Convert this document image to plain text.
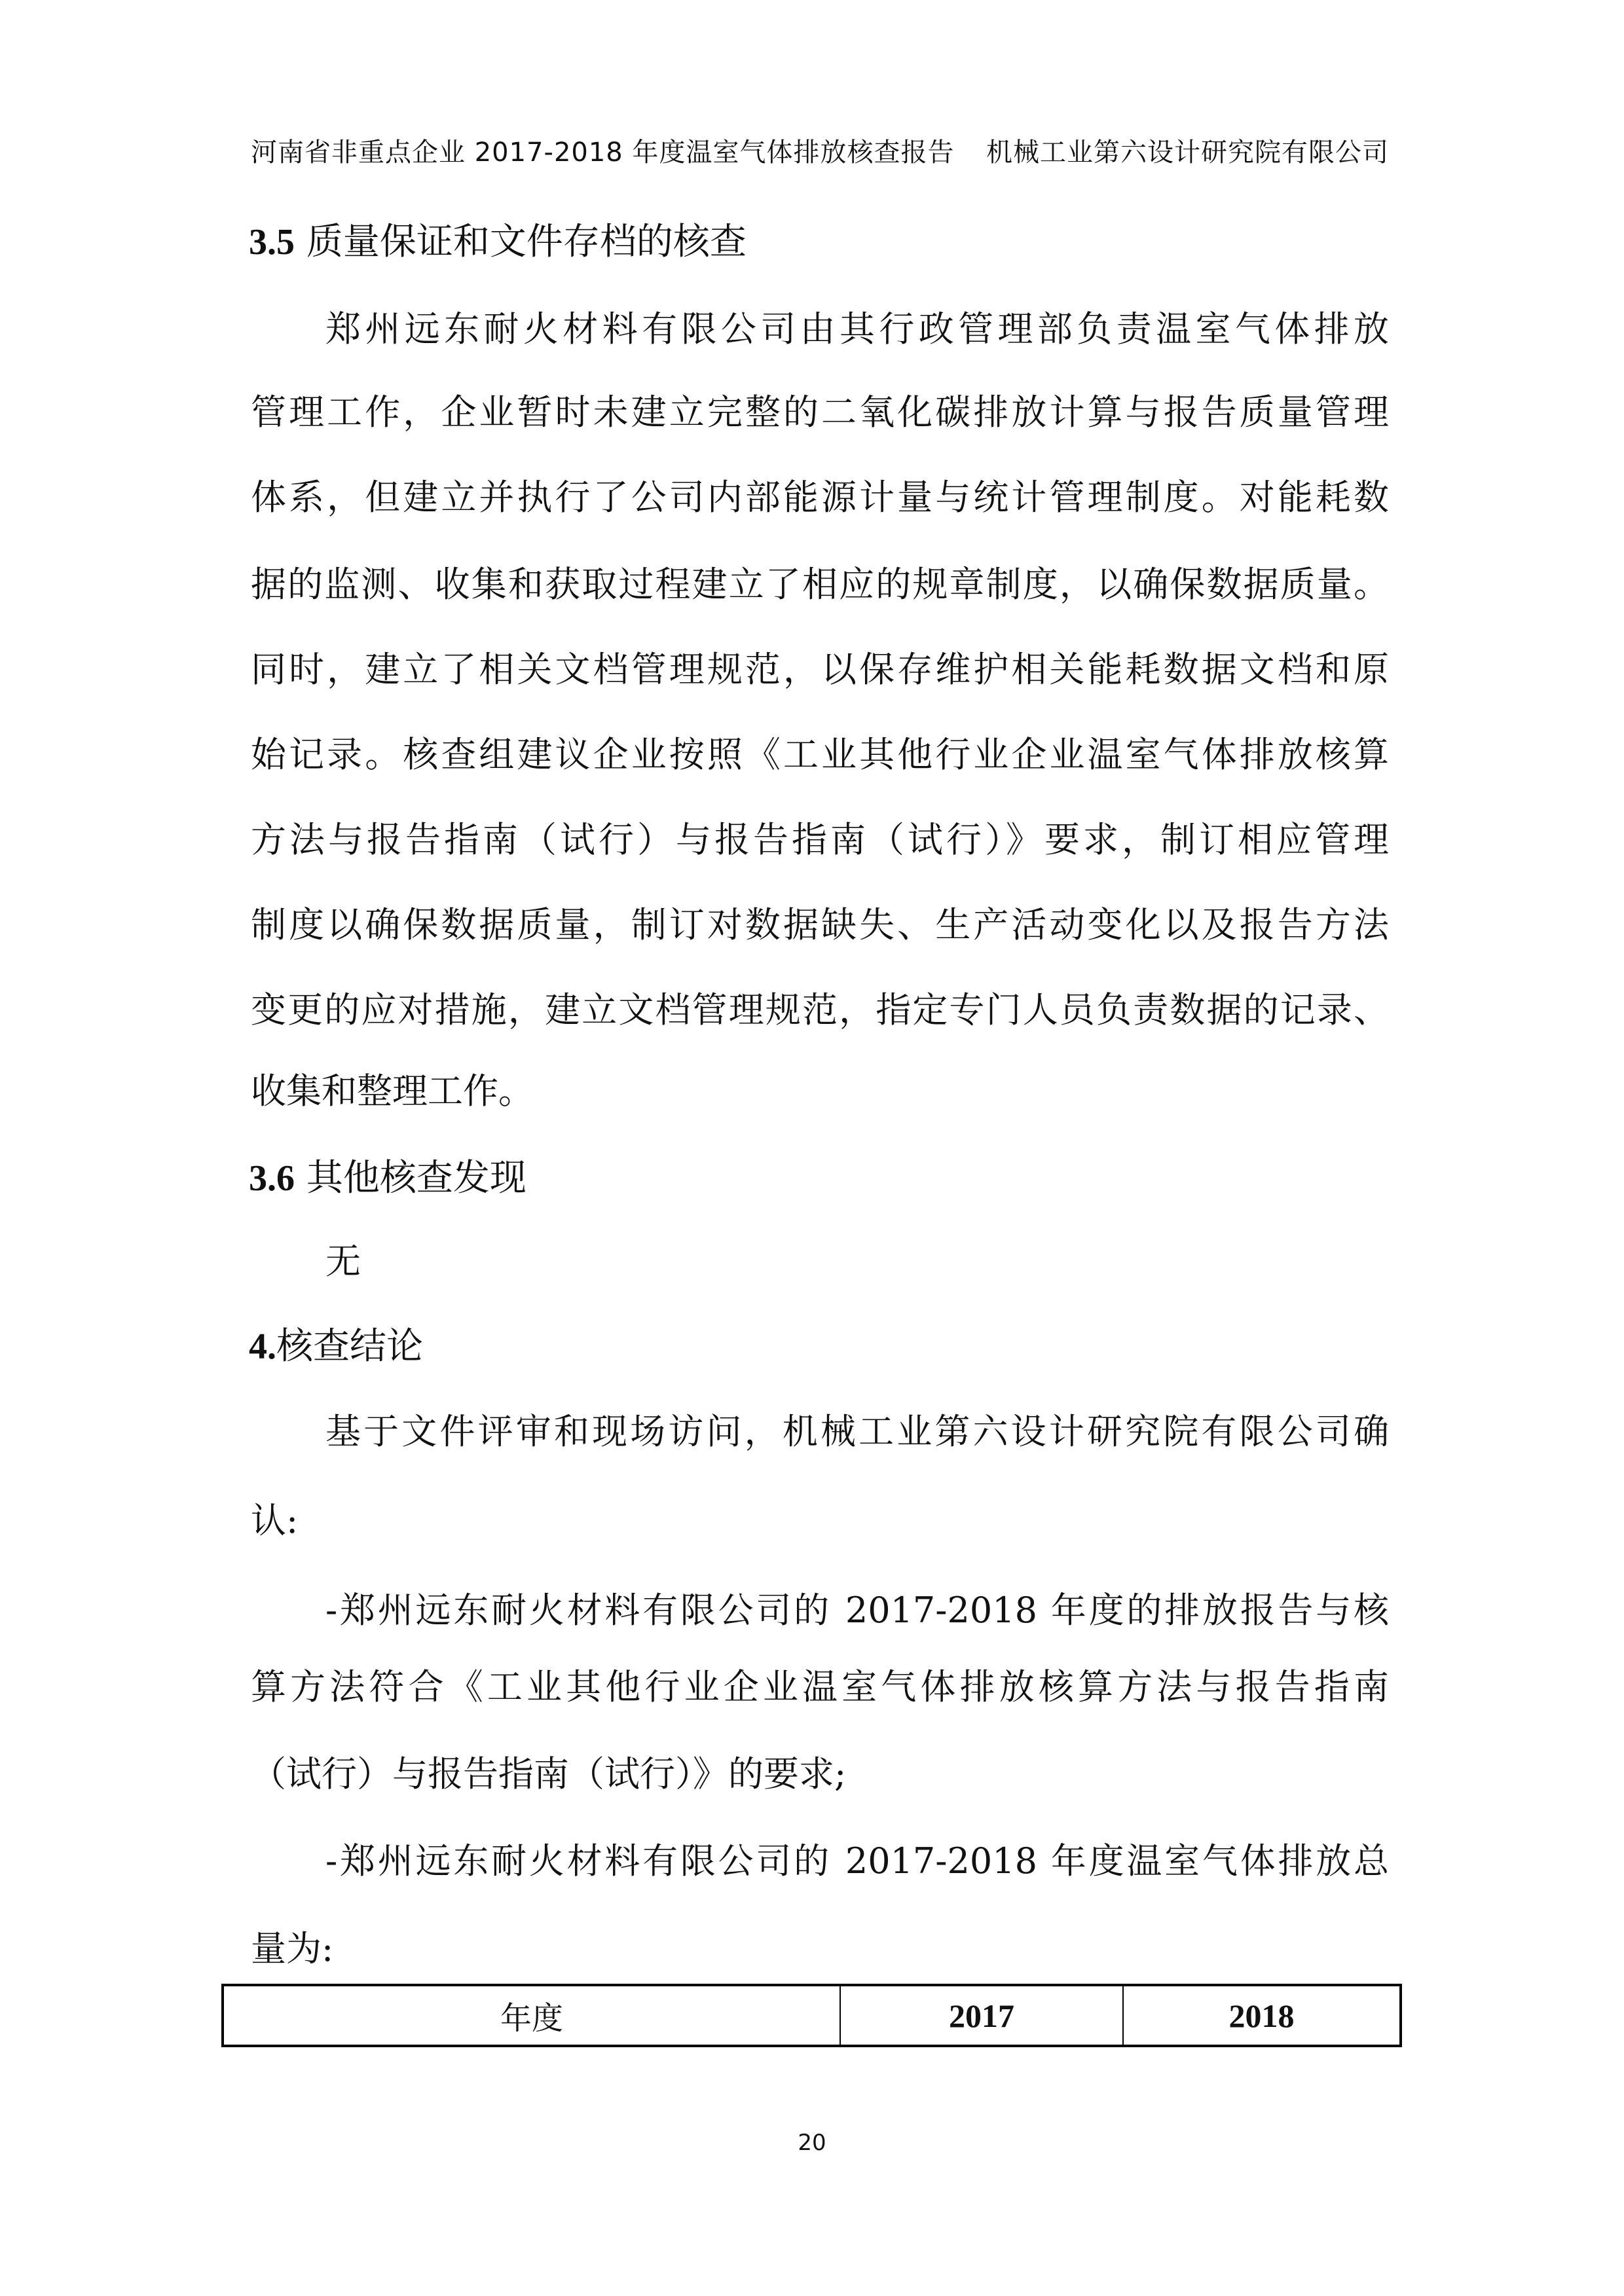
河南省非重点企业 2017-2018 年度温室气体排放核查报告 机械工业第六设计研究院有限公司
3.5 质量保证和文件存档的核查
郑州远东耐火材料有限公司由其行政管理部负责温室气体排放
管理工作，企业暂时未建立完整的二氧化碳排放计算与报告质量管理
体系，但建立并执行了公司内部能源计量与统计管理制度。对能耗数
据的监测、收集和获取过程建立了相应的规章制度，以确保数据质量。
同时，建立了相关文档管理规范，以保存维护相关能耗数据文档和原
始记录。核查组建议企业按照《工业其他行业企业温室气体排放核算
方法与报告指南（试行）与报告指南（试行）》要求，制订相应管理
制度以确保数据质量，制订对数据缺失、生产活动变化以及报告方法
变更的应对措施，建立文档管理规范，指定专门人员负责数据的记录、
收集和整理工作。
3.6 其他核查发现
无
4.核查结论
基于文件评审和现场访问，机械工业第六设计研究院有限公司确
认:
-郑州远东耐火材料有限公司的 2017-2018 年度的排放报告与核
算方法符合《工业其他行业企业温室气体排放核算方法与报告指南
（试行）与报告指南（试行）》的要求;
-郑州远东耐火材料有限公司的 2017-2018 年度温室气体排放总
量为:
年度	2017	2018
20
